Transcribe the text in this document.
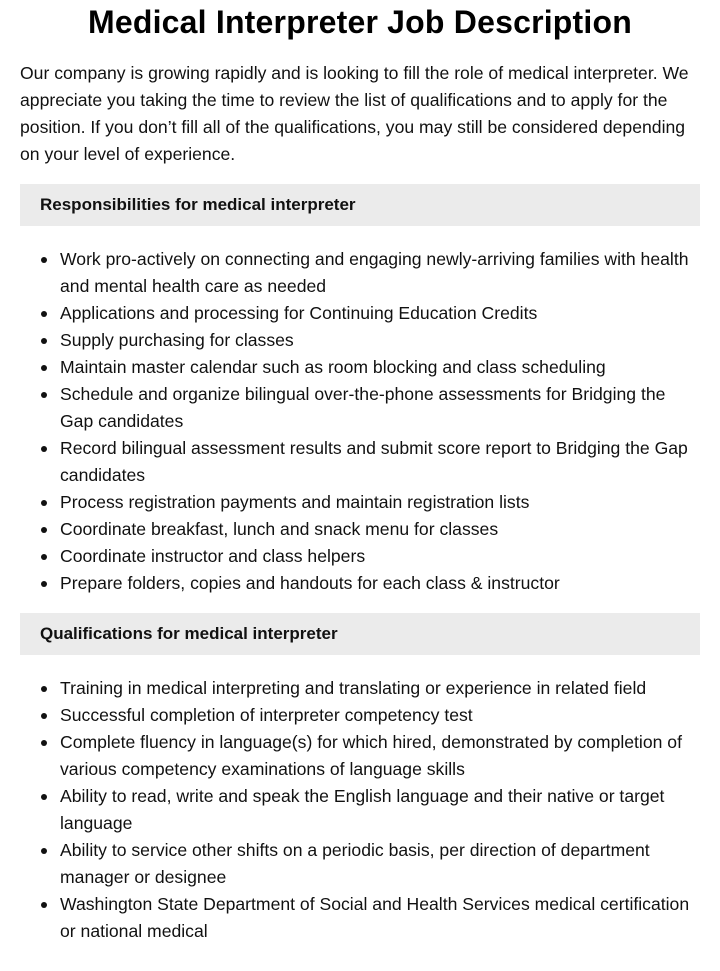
Medical Interpreter Job Description

Our company is growing rapidly and is looking to fill the role of medical interpreter. We appreciate you taking the time to review the list of qualifications and to apply for the position. If you don’t fill all of the qualifications, you may still be considered depending on your level of experience.

Responsibilities for medical interpreter
Work pro-actively on connecting and engaging newly-arriving families with health and mental health care as needed
Applications and processing for Continuing Education Credits
Supply purchasing for classes
Maintain master calendar such as room blocking and class scheduling
Schedule and organize bilingual over-the-phone assessments for Bridging the Gap candidates
Record bilingual assessment results and submit score report to Bridging the Gap candidates
Process registration payments and maintain registration lists
Coordinate breakfast, lunch and snack menu for classes
Coordinate instructor and class helpers
Prepare folders, copies and handouts for each class & instructor
Qualifications for medical interpreter
Training in medical interpreting and translating or experience in related field
Successful completion of interpreter competency test
Complete fluency in language(s) for which hired, demonstrated by completion of various competency examinations of language skills
Ability to read, write and speak the English language and their native or target language
Ability to service other shifts on a periodic basis, per direction of department manager or designee
Washington State Department of Social and Health Services medical certification or national medical
